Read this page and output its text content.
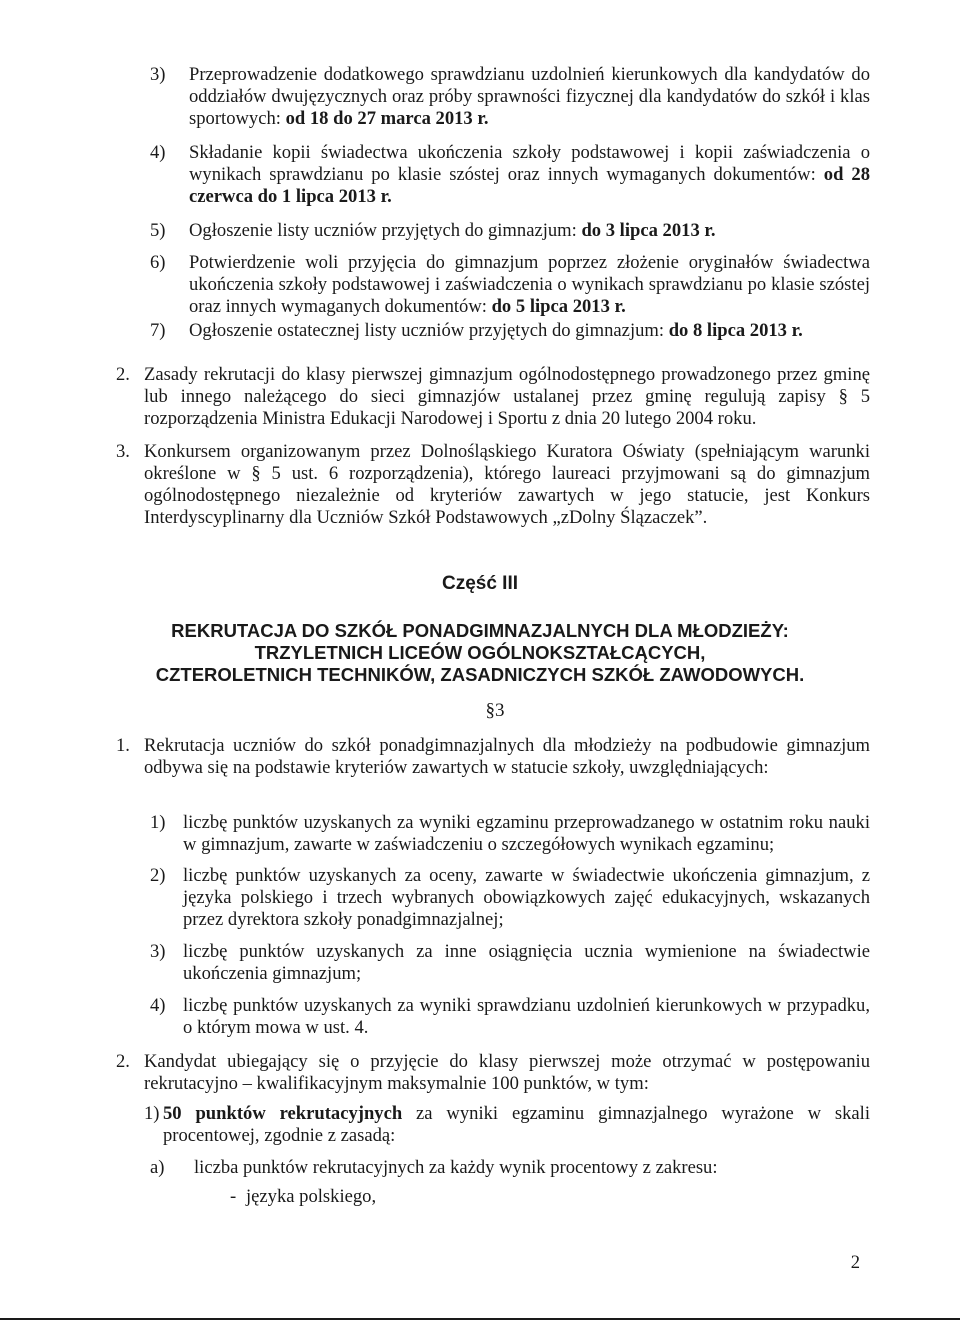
3) Przeprowadzenie dodatkowego sprawdzianu uzdolnień kierunkowych dla kandydatów do oddziałów dwujęzycznych oraz próby sprawności fizycznej dla kandydatów do szkół i klas sportowych: od 18 do 27 marca 2013 r.
4) Składanie kopii świadectwa ukończenia szkoły podstawowej i kopii zaświadczenia o wynikach sprawdzianu po klasie szóstej oraz innych wymaganych dokumentów: od 28 czerwca do 1 lipca 2013 r.
5) Ogłoszenie listy uczniów przyjętych do gimnazjum: do 3 lipca 2013 r.
6) Potwierdzenie woli przyjęcia do gimnazjum poprzez złożenie oryginałów świadectwa ukończenia szkoły podstawowej i zaświadczenia o wynikach sprawdzianu po klasie szóstej oraz innych wymaganych dokumentów: do 5 lipca 2013 r.
7) Ogłoszenie ostatecznej listy uczniów przyjętych do gimnazjum: do 8 lipca 2013 r.
2. Zasady rekrutacji do klasy pierwszej gimnazjum ogólnodostępnego prowadzonego przez gminę lub innego należącego do sieci gimnazjów ustalanej przez gminę regulują zapisy § 5 rozporządzenia Ministra Edukacji Narodowej i Sportu z dnia 20 lutego 2004 roku.
3. Konkursem organizowanym przez Dolnośląskiego Kuratora Oświaty (spełniającym warunki określone w § 5 ust. 6 rozporządzenia), którego laureaci przyjmowani są do gimnazjum ogólnodostępnego niezależnie od kryteriów zawartych w jego statucie, jest Konkurs Interdyscyplinarny dla Uczniów Szkół Podstawowych „zDolny Ślązaczek”.
Część III
REKRUTACJA DO SZKÓŁ PONADGIMNAZJALNYCH DLA MŁODZIEŻY:
TRZYLETNICH LICEÓW OGÓLNOKSZTAŁCĄCYCH,
CZTEROLETNICH TECHNIKÓW, ZASADNICZYCH SZKÓŁ ZAWODOWYCH.
§3
1. Rekrutacja uczniów do szkół ponadgimnazjalnych dla młodzieży na podbudowie gimnazjum odbywa się na podstawie kryteriów zawartych w statucie szkoły, uwzględniających:
1) liczbę punktów uzyskanych za wyniki egzaminu przeprowadzanego w ostatnim roku nauki w gimnazjum, zawarte w zaświadczeniu o szczegółowych wynikach egzaminu;
2) liczbę punktów uzyskanych za oceny, zawarte w świadectwie ukończenia gimnazjum, z języka polskiego i trzech wybranych obowiązkowych zajęć edukacyjnych, wskazanych przez dyrektora szkoły ponadgimnazjalnej;
3) liczbę punktów uzyskanych za inne osiągnięcia ucznia wymienione na świadectwie ukończenia gimnazjum;
4) liczbę punktów uzyskanych za wyniki sprawdzianu uzdolnień kierunkowych w przypadku, o którym mowa w ust. 4.
2. Kandydat ubiegający się o przyjęcie do klasy pierwszej może otrzymać w postępowaniu rekrutacyjno – kwalifikacyjnym maksymalnie 100 punktów, w tym:
1) 50 punktów rekrutacyjnych za wyniki egzaminu gimnazjalnego wyrażone w skali procentowej, zgodnie z zasadą:
a) liczba punktów rekrutacyjnych za każdy wynik procentowy z zakresu:
- języka polskiego,
2
